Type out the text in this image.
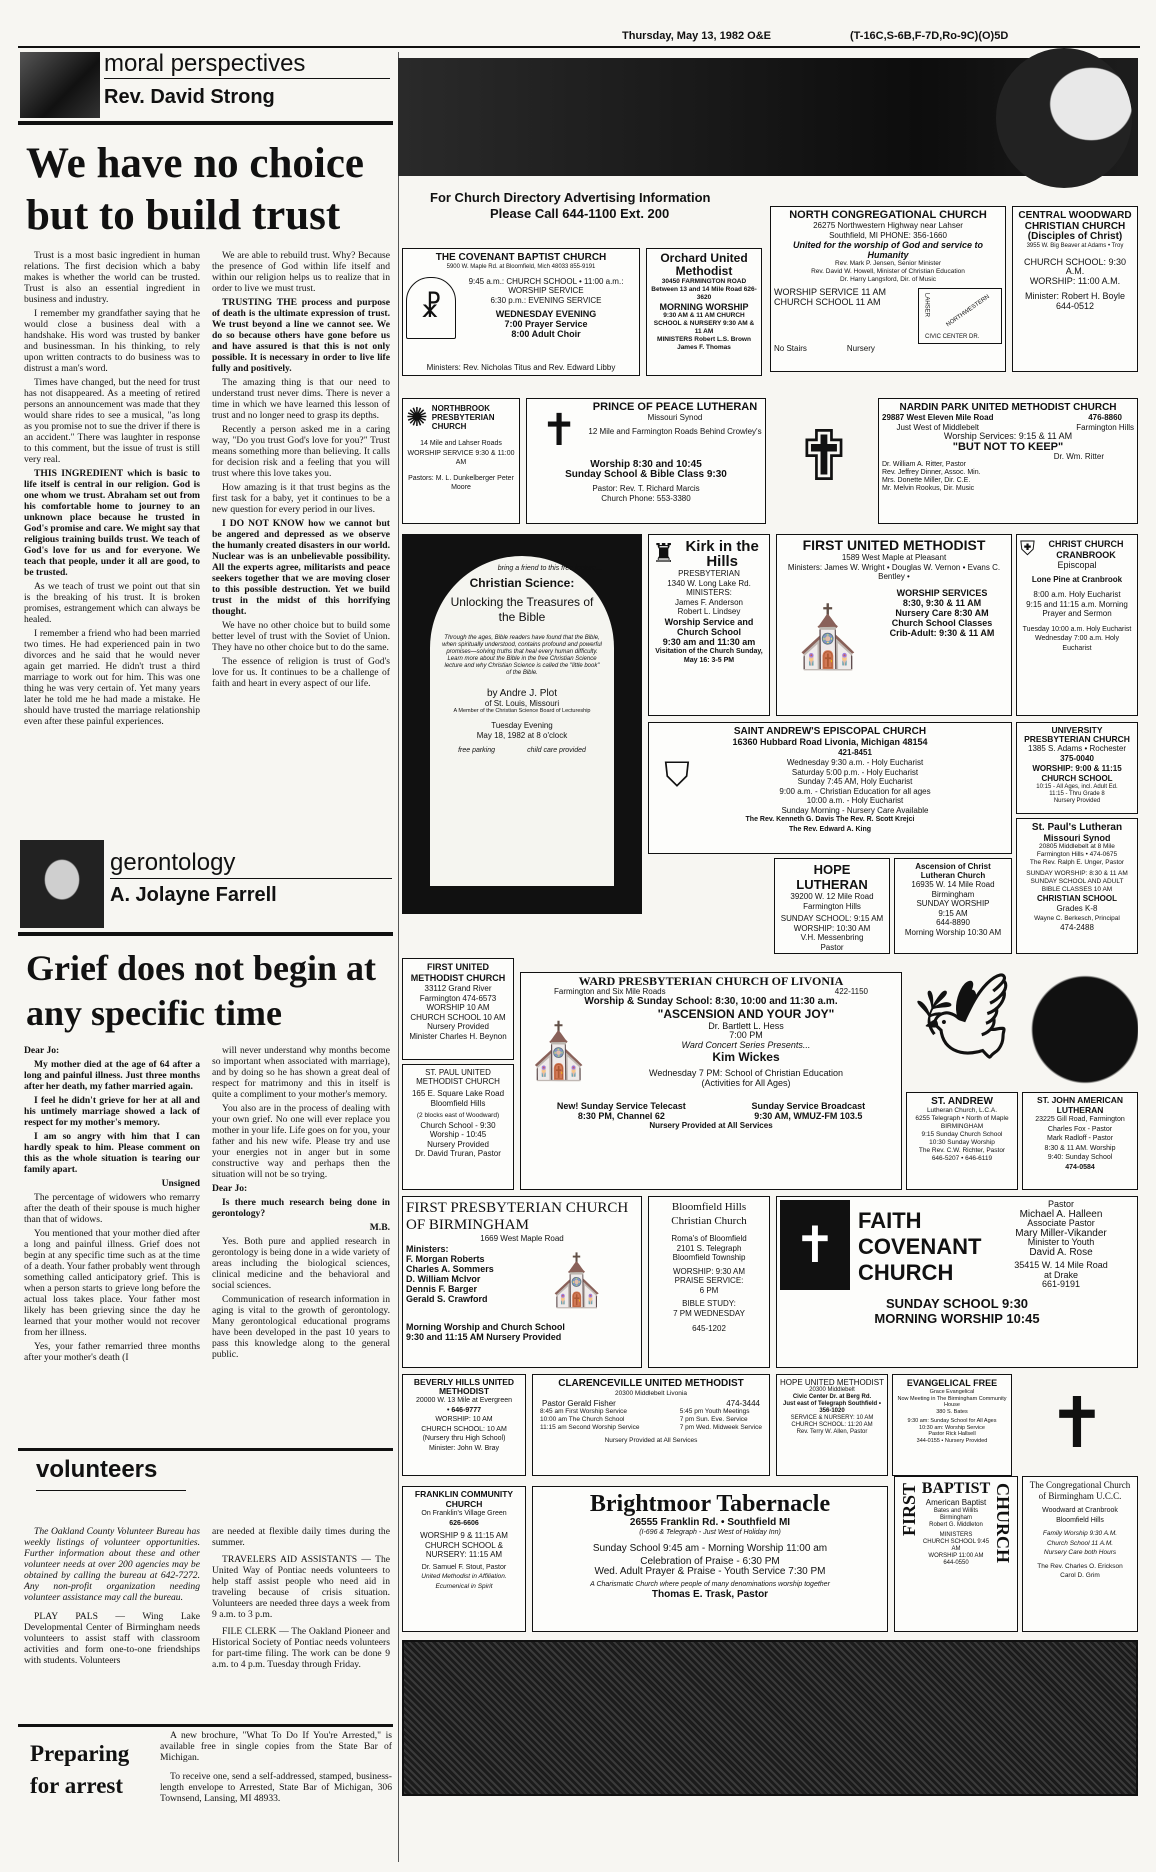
Thursday, May 13, 1982 O&E	(T-16C,S-6B,F-7D,Ro-9C)(O)5D
moral perspectives
Rev. David Strong
We have no choice but to build trust

Trust is a most basic ingredient in human relations. The first decision which a baby makes is whether the world can be trusted. Trust is also an essential ingredient in business and industry.

I remember my grandfather saying that he would close a business deal with a handshake. His word was trusted by banker and businessman. In his thinking, to rely upon written contracts to do business was to distrust a man's word.

Times have changed, but the need for trust has not disappeared. As a meeting of retired persons an announcement was made that they would share rides to see a musical, "as long as you promise not to sue the driver if there is an accident." There was laughter in response to this comment, but the issue of trust is still very real.

THIS INGREDIENT which is basic to life itself is central in our religion. God is one whom we trust. Abraham set out from his comfortable home to journey to an unknown place because he trusted in God's promise and care. We might say that religious training builds trust. We teach of God's love for us and for everyone. We teach that people, under it all are good, to be trusted.

As we teach of trust we point out that sin is the breaking of his trust. It is broken promises, estrangement which can always be healed.

I remember a friend who had been married two times. He had experienced pain in two divorces and he said that he would never again get married. He didn't trust a third marriage to work out for him. This was one thing he was very certain of. Yet many years later he told me he had made a mistake. He should have trusted the marriage relationship even after these painful experiences.

We are able to rebuild trust. Why? Because the presence of God within life itself and within our religion helps us to realize that in order to live we must trust.

TRUSTING THE process and purpose of death is the ultimate expression of trust. We trust beyond a line we cannot see. We do so because others have gone before us and have assured is that this is not only possible. It is necessary in order to live life fully and positively.

The amazing thing is that our need to understand trust never dims. There is never a time in which we have learned this lesson of trust and no longer need to grasp its depths.

Recently a person asked me in a caring way, "Do you trust God's love for you?" Trust means something more than believing. It calls for decision risk and a feeling that you will trust where this love takes you.

How amazing is it that trust begins as the first task for a baby, yet it continues to be a new question for every period in our lives.

I DO NOT KNOW how we cannot but be angered and depressed as we observe the humanly created disasters in our world. Nuclear was is an unbelievable possibility. All the experts agree, militarists and peace seekers together that we are moving closer to this possible destruction. Yet we build trust in the midst of this horrifying thought.

We have no other choice but to build some better level of trust with the Soviet of Union. They have no other choice but to do the same.

The essence of religion is trust of God's love for us. It continues to be a challenge of faith and heart in every aspect of our life.

gerontology
A. Jolayne Farrell
Grief does not begin at any specific time

Dear Jo:

My mother died at the age of 64 after a long and painful illness. Just three months after her death, my father married again.

I feel he didn't grieve for her at all and his untimely marriage showed a lack of respect for my mother's memory.

I am so angry with him that I can hardly speak to him. Please comment on this as the whole situation is tearing our family apart.

Unsigned

The percentage of widowers who remarry after the death of their spouse is much higher than that of widows.

You mentioned that your mother died after a long and painful illness. Grief does not begin at any specific time such as at the time of a death. Your father probably went through something called anticipatory grief. This is when a person starts to grieve long before the actual loss takes place. Your father most likely has been grieving since the day he learned that your mother would not recover from her illness.

Yes, your father remarried three months after your mother's death (I

will never understand why months become so important when associated with marriage), and by doing so he has shown a great deal of respect for matrimony and this in itself is quite a compliment to your mother's memory.

You also are in the process of dealing with your own grief. No one will ever replace you mother in your life. Life goes on for you, your father and his new wife. Please try and use your energies not in anger but in some constructive way and perhaps then the situation will not be so trying.

Dear Jo:

Is there much research being done in gerontology?

M.B.

Yes. Both pure and applied research in gerontology is being done in a wide variety of areas including the biological sciences, clinical medicine and the behavioral and social sciences.

Communication of research information in aging is vital to the growth of gerontology. Many gerontological educational programs have been developed in the past 10 years to pass this knowledge along to the general public.

volunteers

The Oakland County Volunteer Bureau has weekly listings of volunteer opportunities. Further information about these and other volunteer needs at over 200 agencies may be obtained by calling the bureau at 642-7272. Any non-profit organization needing volunteer assistance may call the bureau.

PLAY PALS — Wing Lake Developmental Center of Birmingham needs volunteers to assist staff with classroom activities and form one-to-one friendships with students. Volunteers

are needed at flexible daily times during the summer.

TRAVELERS AID ASSISTANTS — The United Way of Pontiac needs volunteers to help staff assist people who need aid in traveling because of crisis situation. Volunteers are needed three days a week from 9 a.m. to 3 p.m.

FILE CLERK — The Oakland Pioneer and Historical Society of Pontiac needs volunteers for part-time filing. The work can be done 9 a.m. to 4 p.m. Tuesday through Friday.

Preparing for arrest

A new brochure, "What To Do If You're Arrested," is available free in single copies from the State Bar of Michigan.

To receive one, send a self-addressed, stamped, business-length envelope to Arrested, State Bar of Michigan, 306 Townsend, Lansing, MI 48933.

For Church Directory Advertising Information
Please Call 644-1100 Ext. 200
THE COVENANT BAPTIST CHURCH
5900 W. Maple Rd. at Bloomfield, Mich 48033 855-9191
☧
9:45 a.m.: CHURCH SCHOOL • 11:00 a.m.: WORSHIP SERVICE
6:30 p.m.: EVENING SERVICE
WEDNESDAY EVENING
7:00 Prayer Service
8:00 Adult Choir
Ministers: Rev. Nicholas Titus and Rev. Edward Libby
Orchard United Methodist
30450 FARMINGTON ROAD Between 13 and 14 Mile Road 626-3620
MORNING WORSHIP
9:30 AM & 11 AM CHURCH SCHOOL & NURSERY 9:30 AM & 11 AM
MINISTERS Robert L.S. Brown James F. Thomas
NORTH CONGREGATIONAL CHURCH
26275 Northwestern Highway near Lahser
Southfield, MI PHONE: 356-1660
United for the worship of God and service to Humanity
Rev. Mark P. Jensen, Senior Minister
Rev. David W. Howell, Minister of Christian Education
Dr. Harry Langsford, Dir. of Music
WORSHIP SERVICE 11 AM
CHURCH SCHOOL 11 AM	LAHSER	NORTHWESTERN
CIVIC CENTER DR.
No Stairs	Nursery
CENTRAL WOODWARD CHRISTIAN CHURCH
(Disciples of Christ)
3955 W. Big Beaver at Adams • Troy
CHURCH SCHOOL: 9:30 A.M.
WORSHIP: 11:00 A.M.
Minister: Robert H. Boyle
644-0512
✺ NORTHBROOK PRESBYTERIAN CHURCH
14 Mile and Lahser Roads
WORSHIP SERVICE 9:30 & 11:00 AM
Pastors: M. L. Dunkelberger Peter Moore
✝	PRINCE OF PEACE LUTHERAN
Missouri Synod
12 Mile and Farmington Roads Behind Crowley's
Worship 8:30 and 10:45
Sunday School & Bible Class 9:30
Pastor: Rev. T. Richard Marcis
Church Phone: 553-3380
✟
NARDIN PARK UNITED METHODIST CHURCH
29887 West Eleven Mile Road
Just West of Middlebelt
476-8860
Farmington Hills
Worship Services: 9:15 & 11 AM
"BUT NOT TO KEEP"
Dr. Wm. Ritter
Dr. William A. Ritter, Pastor
Rev. Jeffrey Dinner, Assoc. Min.
Mrs. Donette Miller, Dir. C.E.
Mr. Melvin Rookus, Dir. Music
bring a friend to this free lecture...
Christian Science:
Unlocking the Treasures of the Bible
Through the ages, Bible readers have found that the Bible, when spiritually understood, contains profound and powerful promises—solving truths that heal every human difficulty. Learn more about the Bible in the free Christian Science lecture and why Christian Science is called the "little book" of the Bible.
by Andre J. Plot
of St. Louis, Missouri
A Member of the Christian Science Board of Lectureship
Tuesday Evening
May 18, 1982 at 8 o'clock
free parking	child care provided
♜ Kirk in the Hills
PRESBYTERIAN
1340 W. Long Lake Rd.
MINISTERS:
James F. Anderson
Robert L. Lindsey
Worship Service and Church School
9:30 am and 11:30 am
Visitation of the Church Sunday, May 16: 3-5 PM
FIRST UNITED METHODIST
1589 West Maple at Pleasant
Ministers: James W. Wright • Douglas W. Vernon • Evans C. Bentley •
⛪
WORSHIP SERVICES
8:30, 9:30 & 11 AM
Nursery Care 8:30 AM
Church School Classes
Crib-Adult: 9:30 & 11 AM
⛨	CHRIST CHURCH CRANBROOK
Episcopal
Lone Pine at Cranbrook
8:00 a.m. Holy Eucharist
9:15 and 11:15 a.m. Morning Prayer and Sermon
Tuesday 10:00 a.m. Holy Eucharist
Wednesday 7:00 a.m. Holy Eucharist
SAINT ANDREW'S EPISCOPAL CHURCH
16360 Hubbard Road Livonia, Michigan 48154
⛉
421-8451
Wednesday 9:30 a.m. - Holy Eucharist
Saturday 5:00 p.m. - Holy Eucharist
Sunday 7:45 AM, Holy Eucharist
9:00 a.m. - Christian Education for all ages
10:00 a.m. - Holy Eucharist
Sunday Morning - Nursery Care Available
The Rev. Kenneth G. Davis The Rev. R. Scott Krejci
The Rev. Edward A. King
UNIVERSITY PRESBYTERIAN CHURCH
1385 S. Adams • Rochester
375-0040
WORSHIP: 9:00 & 11:15
CHURCH SCHOOL
10:15 - All Ages, incl. Adult Ed.
11:15 - Thru Grade 8
Nursery Provided
HOPE LUTHERAN
39200 W. 12 Mile Road
Farmington Hills
SUNDAY SCHOOL: 9:15 AM
WORSHIP: 10:30 AM
V.H. Messenbring
Pastor
Ascension of Christ Lutheran Church
16935 W. 14 Mile Road
Birmingham
SUNDAY WORSHIP
9:15 AM
644-8890
Morning Worship 10:30 AM
St. Paul's Lutheran
Missouri Synod
20805 Middlebelt at 8 Mile
Farmington Hills • 474-0675
The Rev. Ralph E. Unger, Pastor
SUNDAY WORSHIP: 8:30 & 11 AM
SUNDAY SCHOOL AND ADULT
BIBLE CLASSES 10 AM
CHRISTIAN SCHOOL
Grades K-8
Wayne C. Berkesch, Principal
474-2488
🕊
FIRST UNITED METHODIST CHURCH
33112 Grand River
Farmington 474-6573
WORSHIP 10 AM
CHURCH SCHOOL 10 AM
Nursery Provided
Minister Charles H. Beynon
WARD PRESBYTERIAN CHURCH OF LIVONIA
Farmington and Six Mile Roads	422-1150
Worship & Sunday School: 8:30, 10:00 and 11:30 a.m.
⛪
"ASCENSION AND YOUR JOY"
Dr. Bartlett L. Hess
7:00 PM
Ward Concert Series Presents...
Kim Wickes
Wednesday 7 PM: School of Christian Education
(Activities for All Ages)
New! Sunday Service Telecast
8:30 PM, Channel 62
Sunday Service Broadcast
9:30 AM, WMUZ-FM 103.5
Nursery Provided at All Services
ST. PAUL UNITED METHODIST CHURCH
165 E. Square Lake Road
Bloomfield Hills
(2 blocks east of Woodward)
Church School - 9:30
Worship - 10:45
Nursery Provided
Dr. David Truran, Pastor
ST. ANDREW
Lutheran Church, L.C.A.
6255 Telegraph • North of Maple
BIRMINGHAM
9:15 Sunday Church School
10:30 Sunday Worship
The Rev. C.W. Richter, Pastor
646-5207 • 646-6119
ST. JOHN AMERICAN LUTHERAN
23225 Gill Road, Farmington
Charles Fox - Pastor
Mark Radloff - Pastor
8:30 & 11 AM. Worship
9:40: Sunday School
474-0584
FIRST PRESBYTERIAN CHURCH OF BIRMINGHAM
1669 West Maple Road
Ministers:
F. Morgan Roberts
Charles A. Sommers
D. William McIvor
Dennis F. Barger
Gerald S. Crawford	⛪
Morning Worship and Church School
9:30 and 11:15 AM Nursery Provided
Bloomfield Hills Christian Church
Roma's of Bloomfield
2101 S. Telegraph
Bloomfield Township
WORSHIP: 9:30 AM
PRAISE SERVICE:
6 PM
BIBLE STUDY:
7 PM WEDNESDAY
645-1202
✝	FAITH COVENANT CHURCH
Pastor
Michael A. Halleen
Associate Pastor
Mary Miller-Vikander
Minister to Youth
David A. Rose
35415 W. 14 Mile Road
at Drake
661-9191
SUNDAY SCHOOL 9:30
MORNING WORSHIP 10:45
BEVERLY HILLS UNITED METHODIST
20000 W. 13 Mile at Evergreen
• 646-9777
WORSHIP: 10 AM
CHURCH SCHOOL: 10 AM
(Nursery thru High School)
Minister: John W. Bray
CLARENCEVILLE UNITED METHODIST
20300 Middlebelt Livonia
Pastor Gerald Fisher	474-3444
8:45 am First Worship Service
10:00 am The Church School
11:15 am Second Worship Service
5:45 pm Youth Meetings
7 pm Sun. Eve. Service
7 pm Wed. Midweek Service
Nursery Provided at All Services
HOPE UNITED METHODIST
20300 Middlebelt
Civic Center Dr. at Berg Rd.
Just east of Telegraph Southfield • 356-1020
SERVICE & NURSERY: 10 AM
CHURCH SCHOOL: 11:20 AM
Rev. Terry W. Allen, Pastor
EVANGELICAL FREE
Grace Evangelical
Now Meeting in The Birmingham Community House
380 S. Bates
9:30 am: Sunday School for All Ages
10:30 am: Worship Service
Pastor Rick Hallsell
344-0155 • Nursery Provided ✝
FRANKLIN COMMUNITY CHURCH
On Franklin's Village Green
626-6606
WORSHIP 9 & 11:15 AM
CHURCH SCHOOL & NURSERY: 11:15 AM
Dr. Samuel F. Stout, Pastor
United Methodist in Affiliation. Ecumenical in Spirit
Brightmoor Tabernacle
26555 Franklin Rd. • Southfield MI
(I-696 & Telegraph - Just West of Holiday Inn)
Sunday School 9:45 am - Morning Worship 11:00 am
Celebration of Praise - 6:30 PM
Wed. Adult Prayer & Praise - Youth Service 7:30 PM
A Charismatic Church where people of many denominations worship together
Thomas E. Trask, Pastor
FIRST	CHURCH
BAPTIST
American Baptist
Bates and Willits
Birmingham
Robert G. Middleton
MINISTERS
CHURCH SCHOOL 9:45 AM
WORSHIP 11:00 AM
644-0550
The Congregational Church of Birmingham U.C.C.
Woodward at Cranbrook
Bloomfield Hills
Family Worship 9:30 A.M.
Church School 11 A.M.
Nursery Care both Hours
The Rev. Charles O. Erickson
Carol D. Grim
